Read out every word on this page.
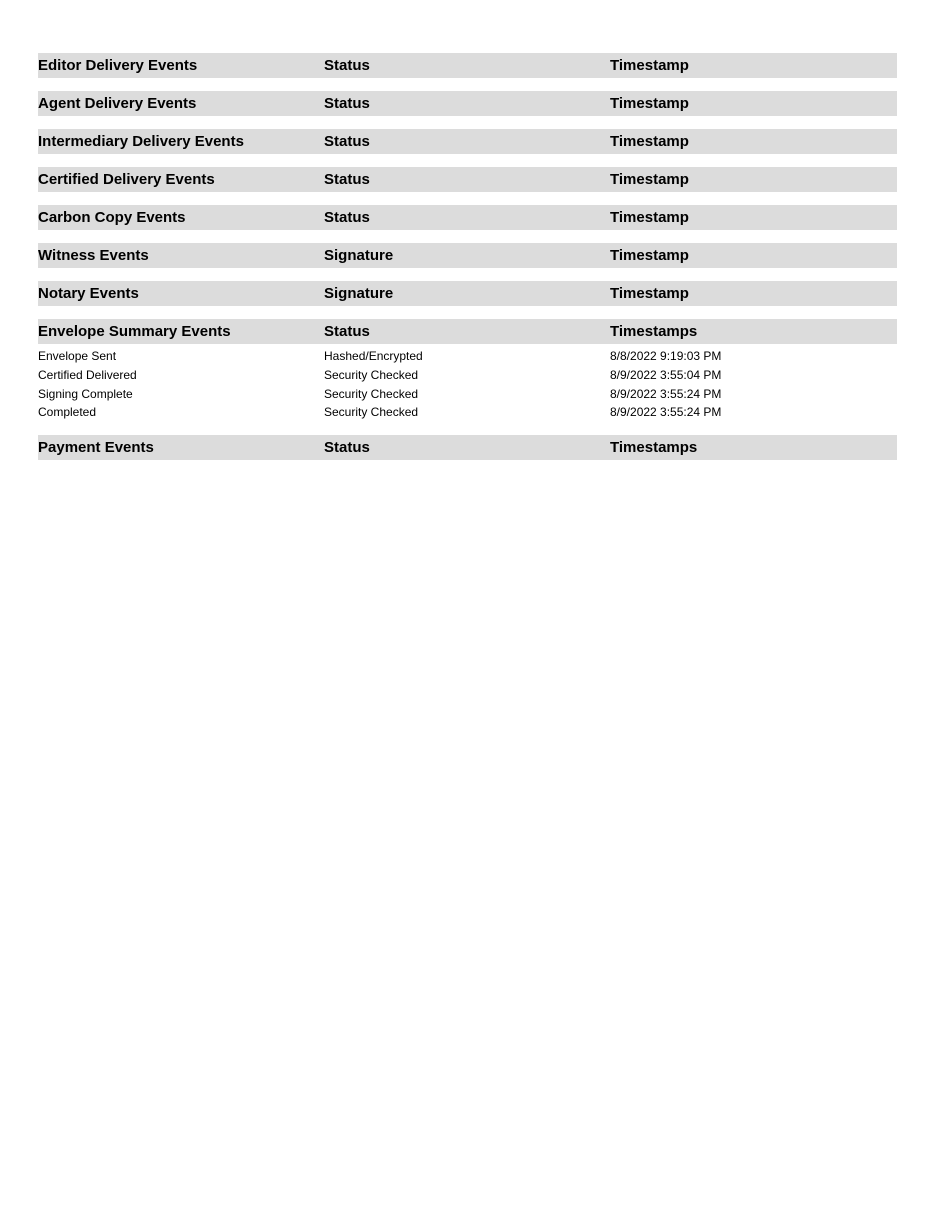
Editor Delivery Events	Status	Timestamp
Agent Delivery Events	Status	Timestamp
Intermediary Delivery Events	Status	Timestamp
Certified Delivery Events	Status	Timestamp
Carbon Copy Events	Status	Timestamp
Witness Events	Signature	Timestamp
Notary Events	Signature	Timestamp
Envelope Summary Events	Status	Timestamps
Envelope Sent	Hashed/Encrypted	8/8/2022 9:19:03 PM
Certified Delivered	Security Checked	8/9/2022 3:55:04 PM
Signing Complete	Security Checked	8/9/2022 3:55:24 PM
Completed	Security Checked	8/9/2022 3:55:24 PM
Payment Events	Status	Timestamps
